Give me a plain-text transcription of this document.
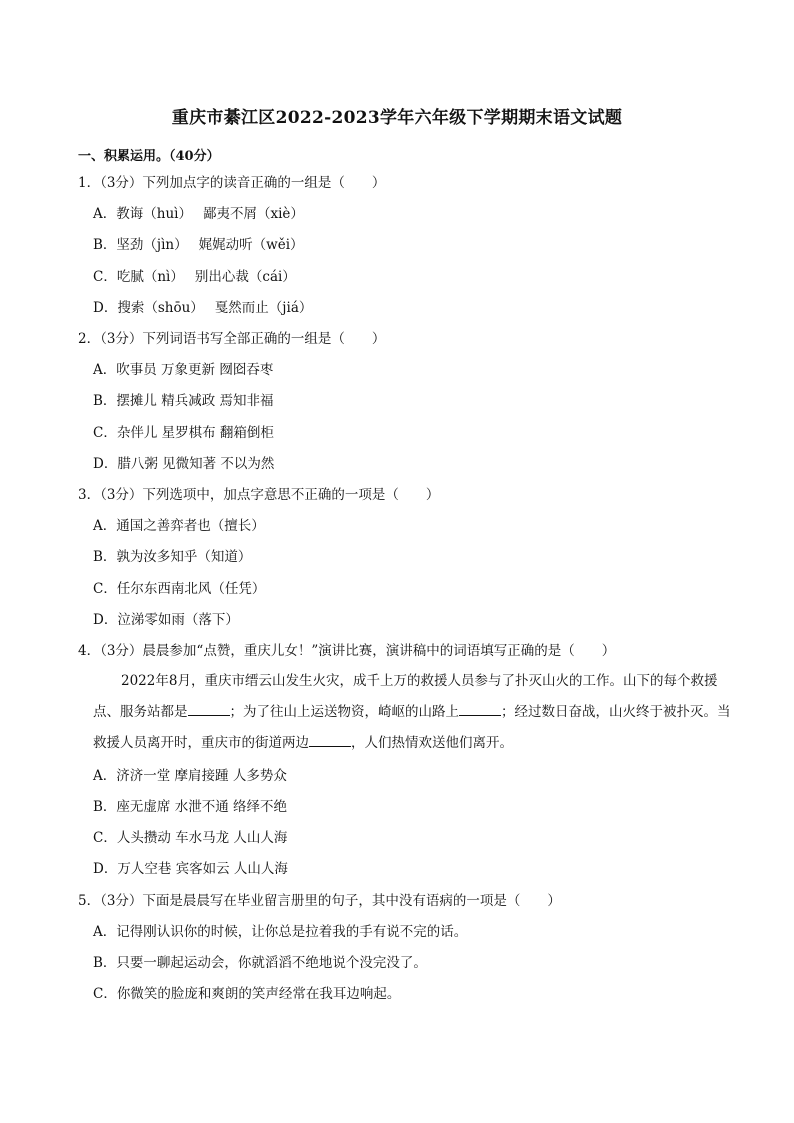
重庆市綦江区2022-2023学年六年级下学期期末语文试题
一、积累运用。（40分）
1．（3分）下列加点字的读音正确的一组是（　　）
A．教诲（huì）　 鄙夷不屑（xiè）
B．坚劲（jìn）　 娓娓动听（wěi）
C．吃腻（nì）　 别出心裁（cái）
D．搜索（shōu）　 戛然而止（jiá）
2．（3分）下列词语书写全部正确的一组是（　　）
A．吹事员 万象更新 囫囵吞枣
B．摆摊儿 精兵减政 焉知非福
C．杂伴儿 星罗棋布 翻箱倒柜
D．腊八粥 见微知著 不以为然
3．（3分）下列选项中，加点字意思不正确的一项是（　　）
A．通国之善弈者也（擅长）
B．孰为汝多知乎（知道）
C．任尔东西南北风（任凭）
D．泣涕零如雨（落下）
4．（3分）晨晨参加“点赞，重庆儿女！”演讲比赛，演讲稿中的词语填写正确的是（　　）
2022年8月，重庆市缙云山发生火灾，成千上万的救援人员参与了扑灭山火的工作。山下的每个救援点、服务站都是	；为了往山上运送物资，崎岖的山路上	；经过数日奋战，山火终于被扑灭。当救援人员离开时，重庆市的街道两边	，人们热情欢送他们离开。
A．济济一堂 摩肩接踵 人多势众
B．座无虚席 水泄不通 络绎不绝
C．人头攒动 车水马龙 人山人海
D．万人空巷 宾客如云 人山人海
5．（3分）下面是晨晨写在毕业留言册里的句子，其中没有语病的一项是（　　）
A．记得刚认识你的时候，让你总是拉着我的手有说不完的话。
B．只要一聊起运动会，你就滔滔不绝地说个没完没了。
C．你微笑的脸庞和爽朗的笑声经常在我耳边响起。
